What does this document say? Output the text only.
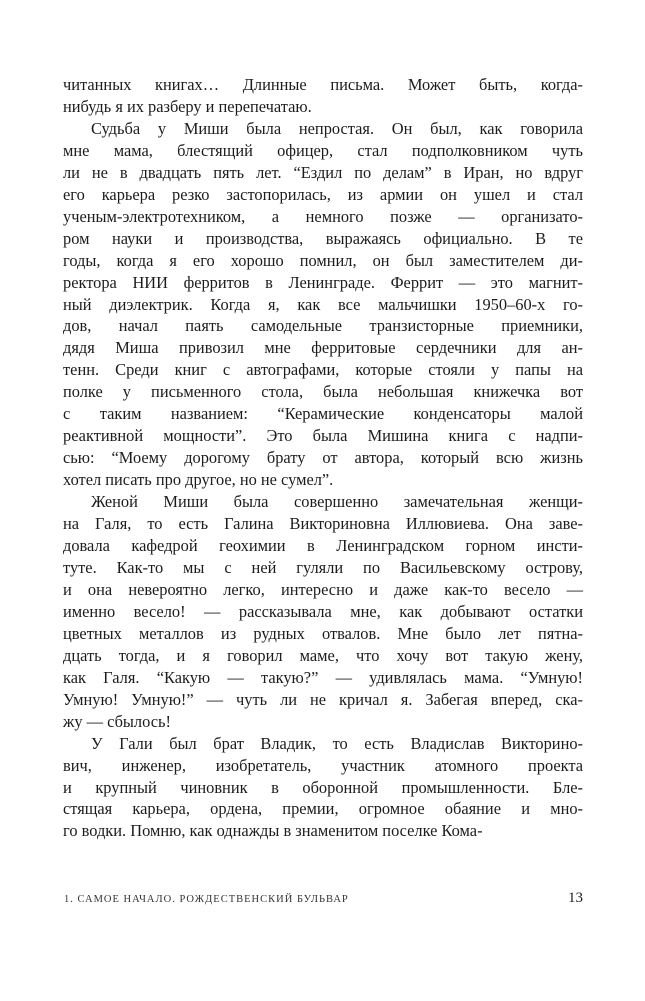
читанных книгах… Длинные письма. Может быть, когда-
нибудь я их разберу и перепечатаю.

Судьба у Миши была непростая. Он был, как говорила
мне мама, блестящий офицер, стал подполковником чуть
ли не в двадцать пять лет. “Ездил по делам” в Иран, но вдруг
его карьера резко застопорилась, из армии он ушел и стал
ученым-электротехником, а немного позже — организато-
ром науки и производства, выражаясь официально. В те
годы, когда я его хорошо помнил, он был заместителем ди-
ректора НИИ ферритов в Ленинграде. Феррит — это магнит-
ный диэлектрик. Когда я, как все мальчишки 1950–60-х го-
дов, начал паять самодельные транзисторные приемники,
дядя Миша привозил мне ферритовые сердечники для ан-
тенн. Среди книг с автографами, которые стояли у папы на
полке у письменного стола, была небольшая книжечка вот
с таким названием: “Керамические конденсаторы малой
реактивной мощности”. Это была Мишина книга с надпи-
сью: “Моему дорогому брату от автора, который всю жизнь
хотел писать про другое, но не сумел”.

Женой Миши была совершенно замечательная женщи-
на Галя, то есть Галина Викториновна Иллювиева. Она заве-
довала кафедрой геохимии в Ленинградском горном инсти-
туте. Как-то мы с ней гуляли по Васильевскому острову,
и она невероятно легко, интересно и даже как-то весело —
именно весело! — рассказывала мне, как добывают остатки
цветных металлов из рудных отвалов. Мне было лет пятна-
дцать тогда, и я говорил маме, что хочу вот такую жену,
как Галя. “Какую — такую?” — удивлялась мама. “Умную!
Умную! Умную!” — чуть ли не кричал я. Забегая вперед, ска-
жу — сбылось!

У Гали был брат Владик, то есть Владислав Викторино-
вич, инженер, изобретатель, участник атомного проекта
и крупный чиновник в оборонной промышленности. Бле-
стящая карьера, ордена, премии, огромное обаяние и мно-
го водки. Помню, как однажды в знаменитом поселке Кома-

1. САМОЕ НАЧАЛО. РОЖДЕСТВЕНСКИЙ БУЛЬВАР	13
